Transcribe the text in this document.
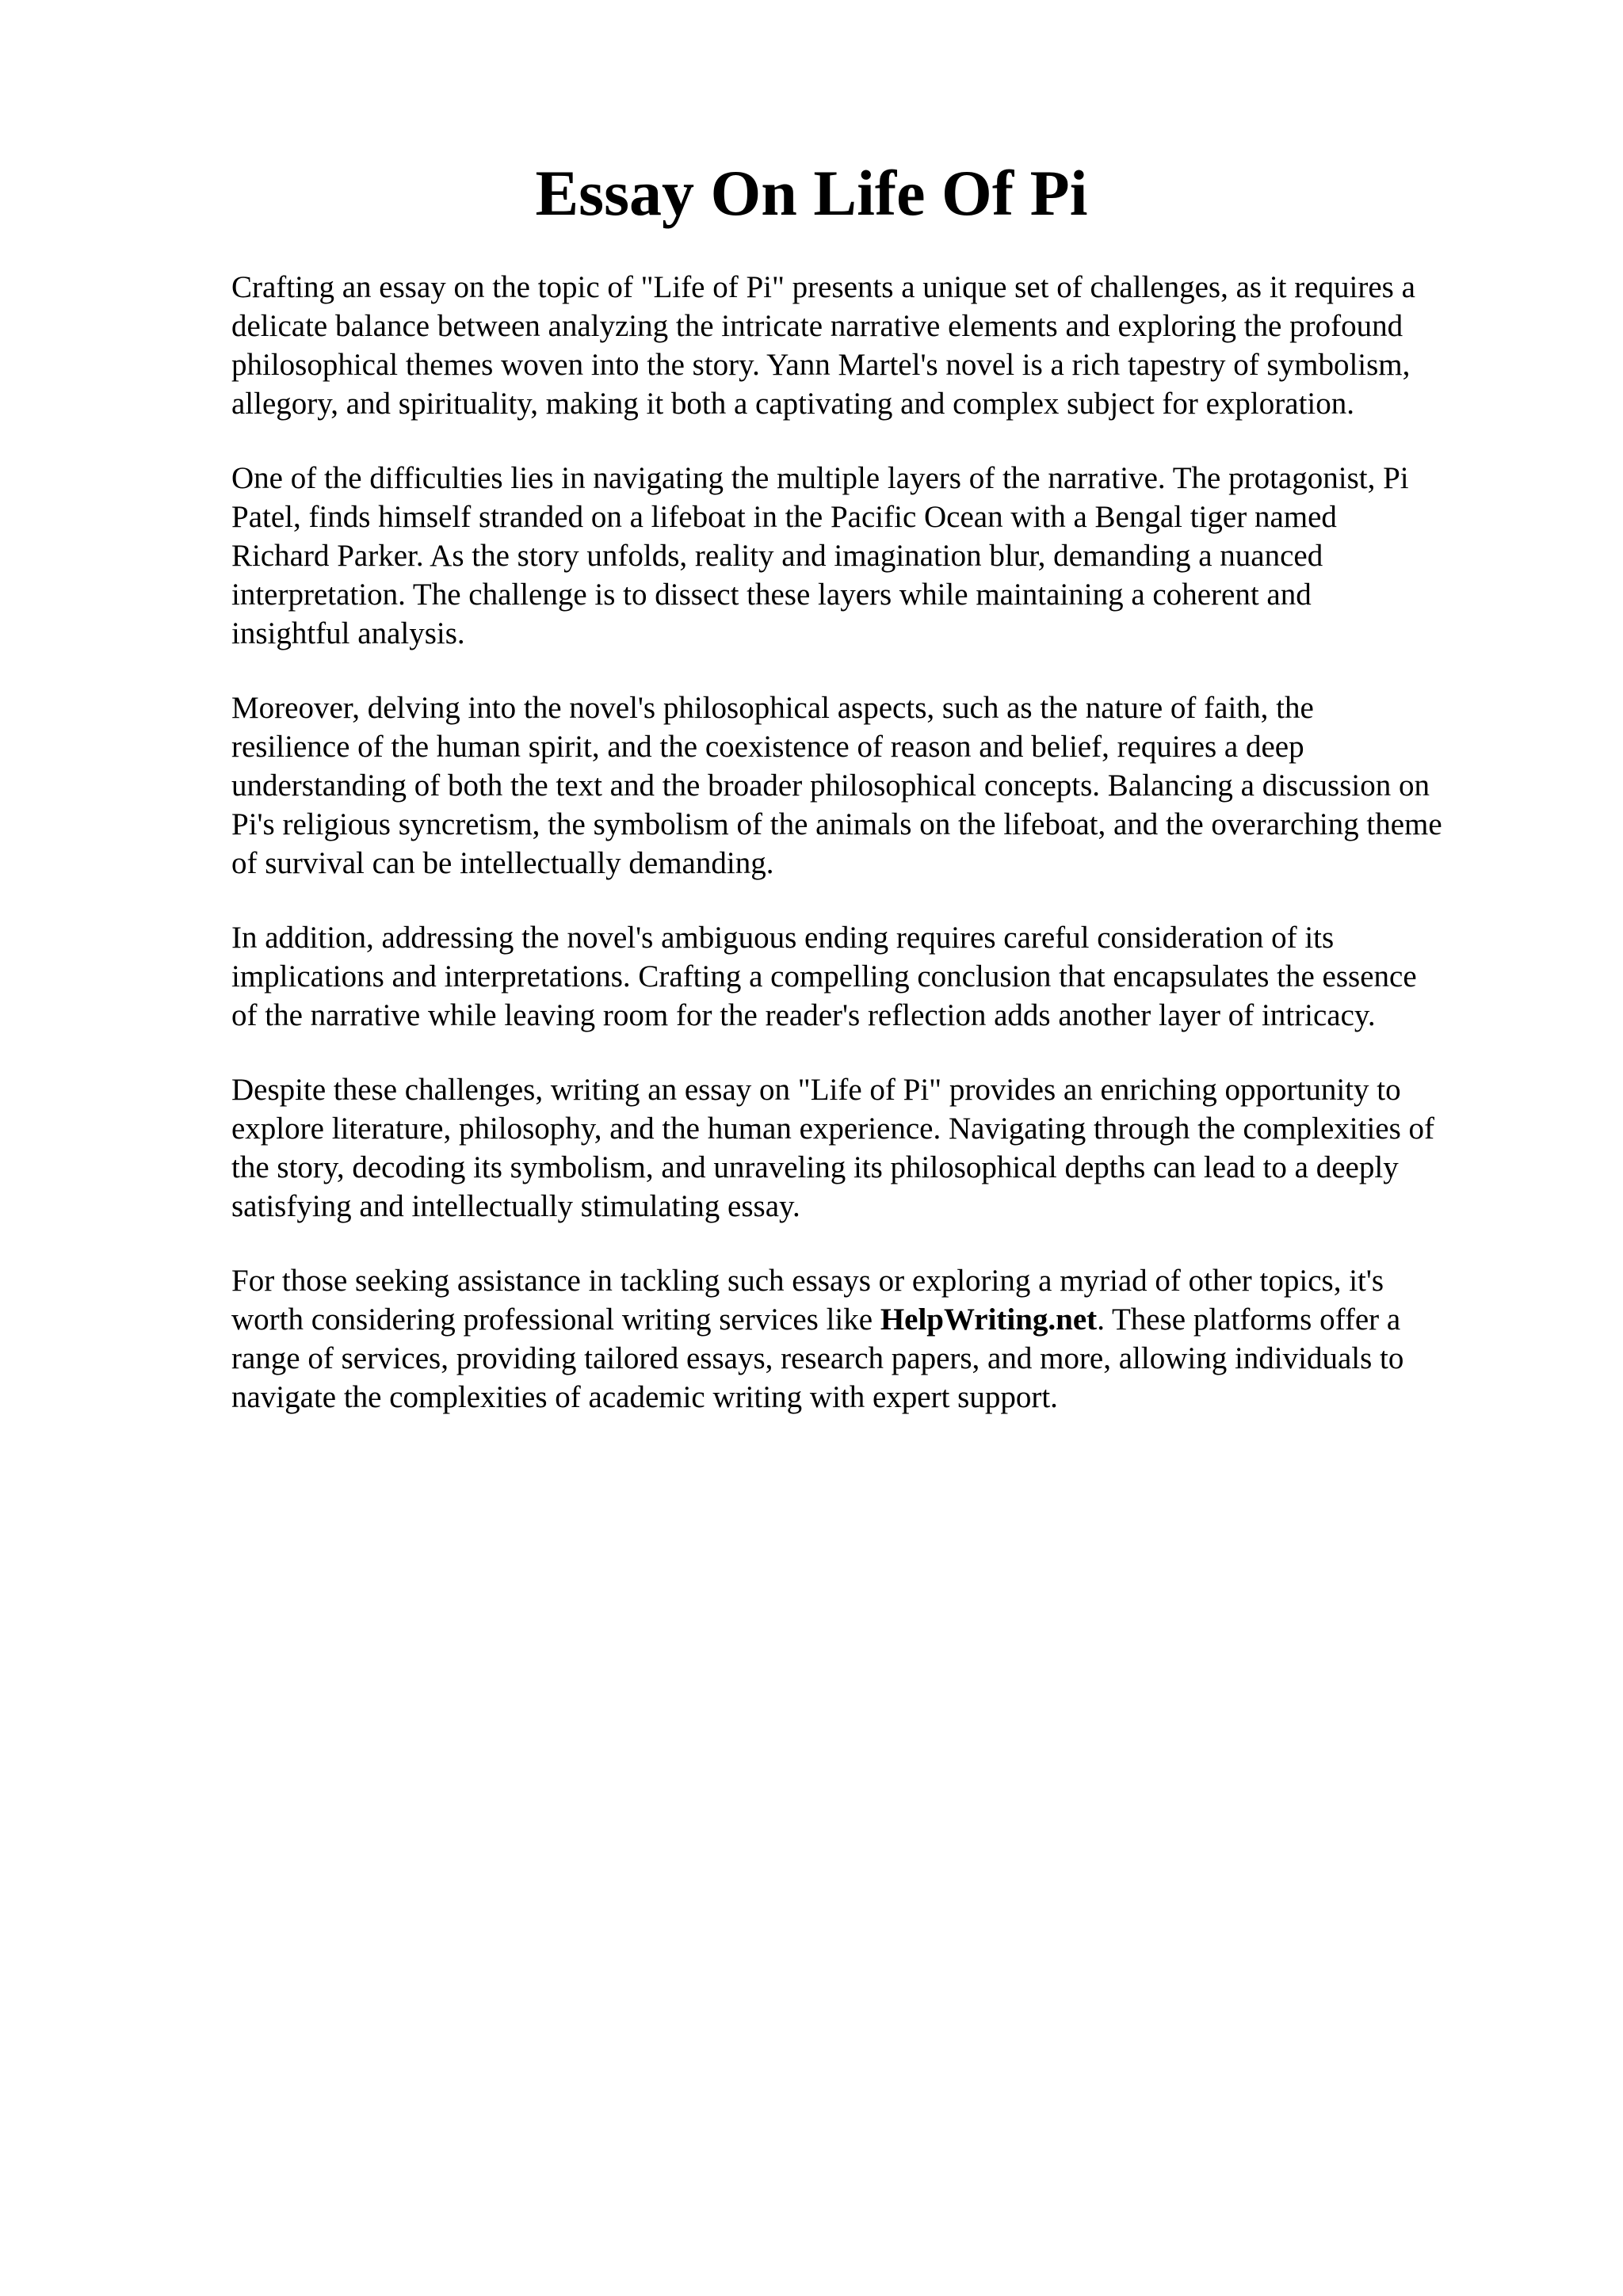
Essay On Life Of Pi

Crafting an essay on the topic of "Life of Pi" presents a unique set of challenges, as it requires a
delicate balance between analyzing the intricate narrative elements and exploring the profound
philosophical themes woven into the story. Yann Martel's novel is a rich tapestry of symbolism,
allegory, and spirituality, making it both a captivating and complex subject for exploration.

One of the difficulties lies in navigating the multiple layers of the narrative. The protagonist, Pi
Patel, finds himself stranded on a lifeboat in the Pacific Ocean with a Bengal tiger named
Richard Parker. As the story unfolds, reality and imagination blur, demanding a nuanced
interpretation. The challenge is to dissect these layers while maintaining a coherent and
insightful analysis.

Moreover, delving into the novel's philosophical aspects, such as the nature of faith, the
resilience of the human spirit, and the coexistence of reason and belief, requires a deep
understanding of both the text and the broader philosophical concepts. Balancing a discussion on
Pi's religious syncretism, the symbolism of the animals on the lifeboat, and the overarching theme
of survival can be intellectually demanding.

In addition, addressing the novel's ambiguous ending requires careful consideration of its
implications and interpretations. Crafting a compelling conclusion that encapsulates the essence
of the narrative while leaving room for the reader's reflection adds another layer of intricacy.

Despite these challenges, writing an essay on "Life of Pi" provides an enriching opportunity to
explore literature, philosophy, and the human experience. Navigating through the complexities of
the story, decoding its symbolism, and unraveling its philosophical depths can lead to a deeply
satisfying and intellectually stimulating essay.

For those seeking assistance in tackling such essays or exploring a myriad of other topics, it's
worth considering professional writing services like HelpWriting.net. These platforms offer a
range of services, providing tailored essays, research papers, and more, allowing individuals to
navigate the complexities of academic writing with expert support.
